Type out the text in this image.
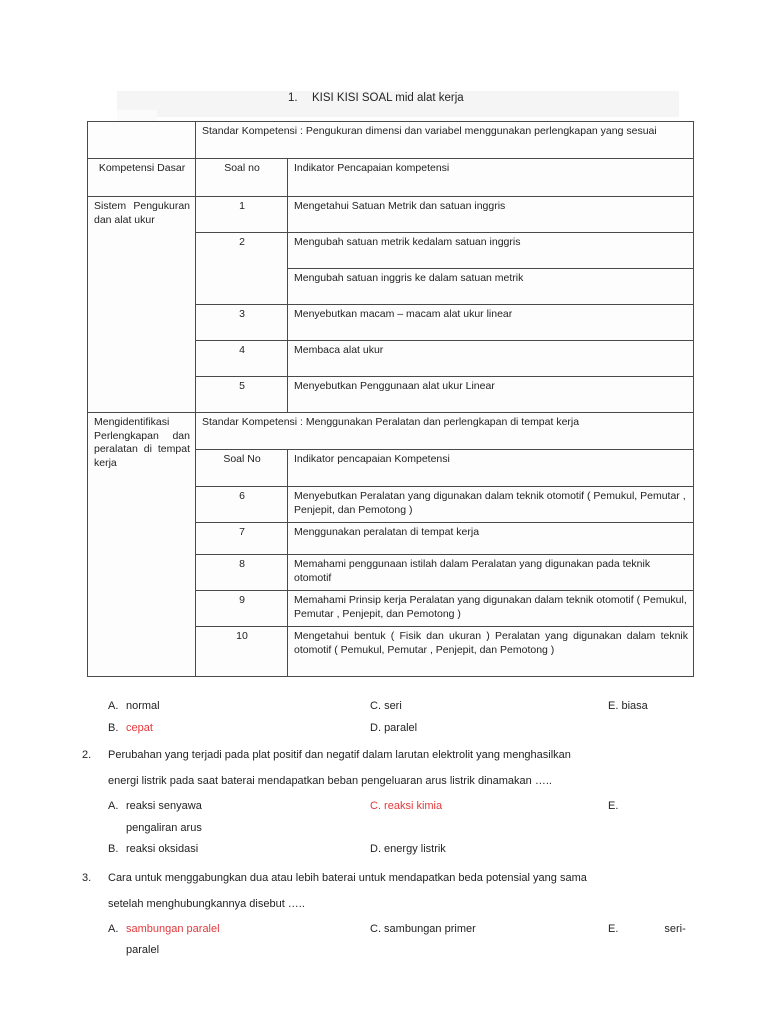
1. KISI KISI SOAL mid alat kerja
	Standar Kompetensi : Pengukuran dimensi dan variabel menggunakan perlengkapan yang sesuai	
Kompetensi Dasar	Soal no	Indikator Pencapaian kompetensi
Sistem Pengukuran dan alat ukur	1	Mengetahui Satuan Metrik dan satuan inggris
	2	Mengubah satuan metrik kedalam satuan inggris
		Mengubah satuan inggris ke dalam satuan metrik
	3	Menyebutkan macam – macam alat ukur linear
	4	Membaca alat ukur
	5	Menyebutkan Penggunaan alat ukur Linear
Mengidentifikasi Perlengkapan dan peralatan di tempat kerja	Standar Kompetensi : Menggunakan Peralatan dan perlengkapan di tempat kerja	
	Soal No	Indikator pencapaian Kompetensi
	6	Menyebutkan Peralatan yang digunakan dalam teknik otomotif ( Pemukul, Pemutar , Penjepit, dan Pemotong )
	7	Menggunakan peralatan di tempat kerja
	8	Memahami penggunaan istilah dalam Peralatan yang digunakan pada teknik otomotif
	9	Memahami Prinsip kerja Peralatan yang digunakan dalam teknik otomotif ( Pemukul, Pemutar , Penjepit, dan Pemotong )
	10	Mengetahui bentuk ( Fisik dan ukuran ) Peralatan yang digunakan dalam teknik otomotif ( Pemukul, Pemutar , Penjepit, dan Pemotong )
A. normal	C. seri	E. biasa
B. cepat	D. paralel
2. Perubahan yang terjadi pada plat positif dan negatif dalam larutan elektrolit yang menghasilkan
energi listrik pada saat baterai mendapatkan beban pengeluaran arus listrik dinamakan …..
A. reaksi senyawa	C. reaksi kimia	E.
pengaliran arus
B. reaksi oksidasi	D. energy listrik
3. Cara untuk menggabungkan dua atau lebih baterai untuk mendapatkan beda potensial yang sama
setelah menghubungkannya disebut …..
A. sambungan paralel	C. sambungan primer	E.	seri-
paralel
